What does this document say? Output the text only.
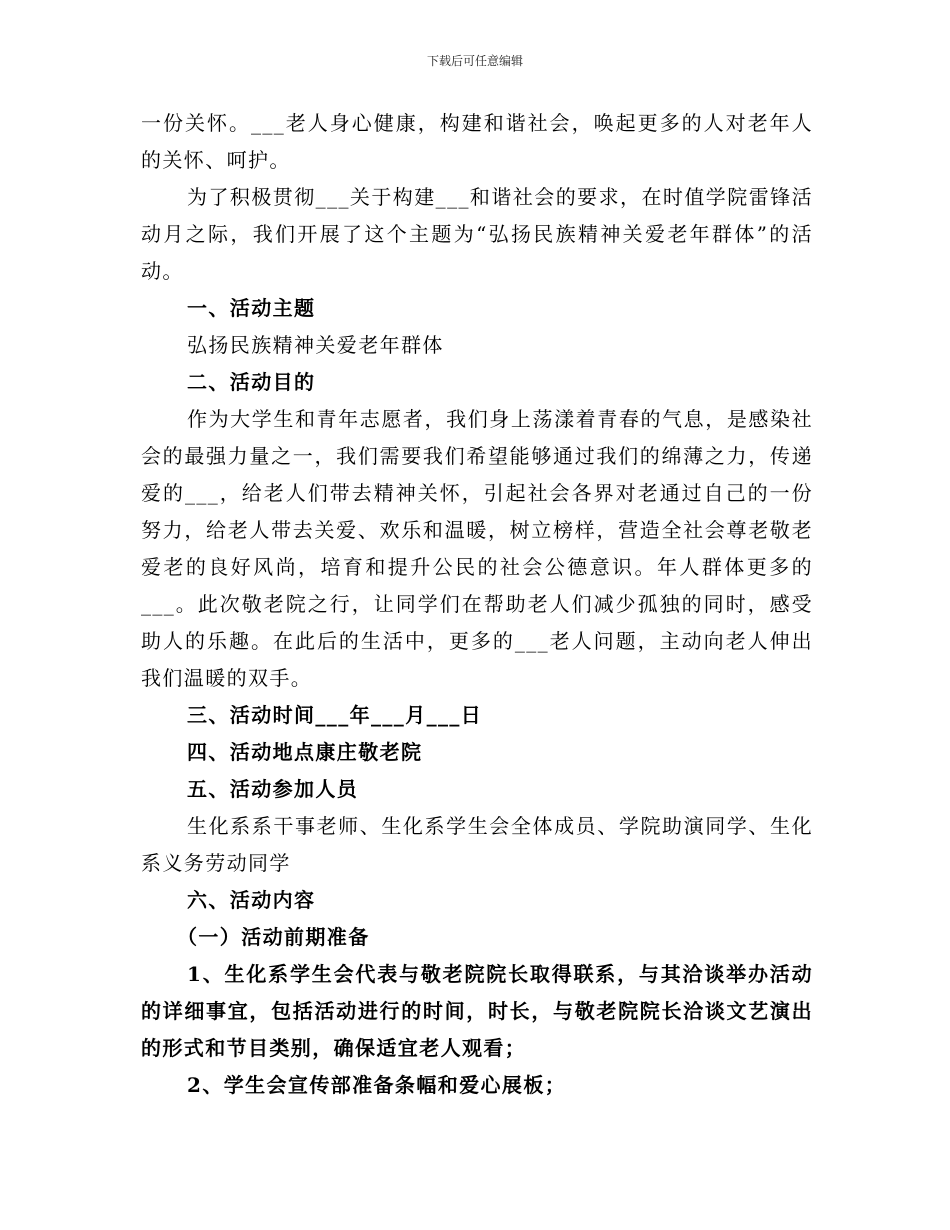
下载后可任意编辑

一份关怀。___老人身心健康，构建和谐社会，唤起更多的人对老年人的关怀、呵护。

为了积极贯彻___关于构建___和谐社会的要求，在时值学院雷锋活动月之际，我们开展了这个主题为“弘扬民族精神关爱老年群体”的活动。

一、活动主题

弘扬民族精神关爱老年群体

二、活动目的

作为大学生和青年志愿者，我们身上荡漾着青春的气息，是感染社会的最强力量之一，我们需要我们希望能够通过我们的绵薄之力，传递爱的___，给老人们带去精神关怀，引起社会各界对老通过自己的一份努力，给老人带去关爱、欢乐和温暖，树立榜样，营造全社会尊老敬老爱老的良好风尚，培育和提升公民的社会公德意识。年人群体更多的___。此次敬老院之行，让同学们在帮助老人们减少孤独的同时，感受助人的乐趣。在此后的生活中，更多的___老人问题，主动向老人伸出我们温暖的双手。

三、活动时间___年___月___日

四、活动地点康庄敬老院

五、活动参加人员

生化系系干事老师、生化系学生会全体成员、学院助演同学、生化系义务劳动同学

六、活动内容

（一）活动前期准备

1、生化系学生会代表与敬老院院长取得联系，与其洽谈举办活动的详细事宜，包括活动进行的时间，时长，与敬老院院长洽谈文艺演出的形式和节目类别，确保适宜老人观看；

2、学生会宣传部准备条幅和爱心展板；
